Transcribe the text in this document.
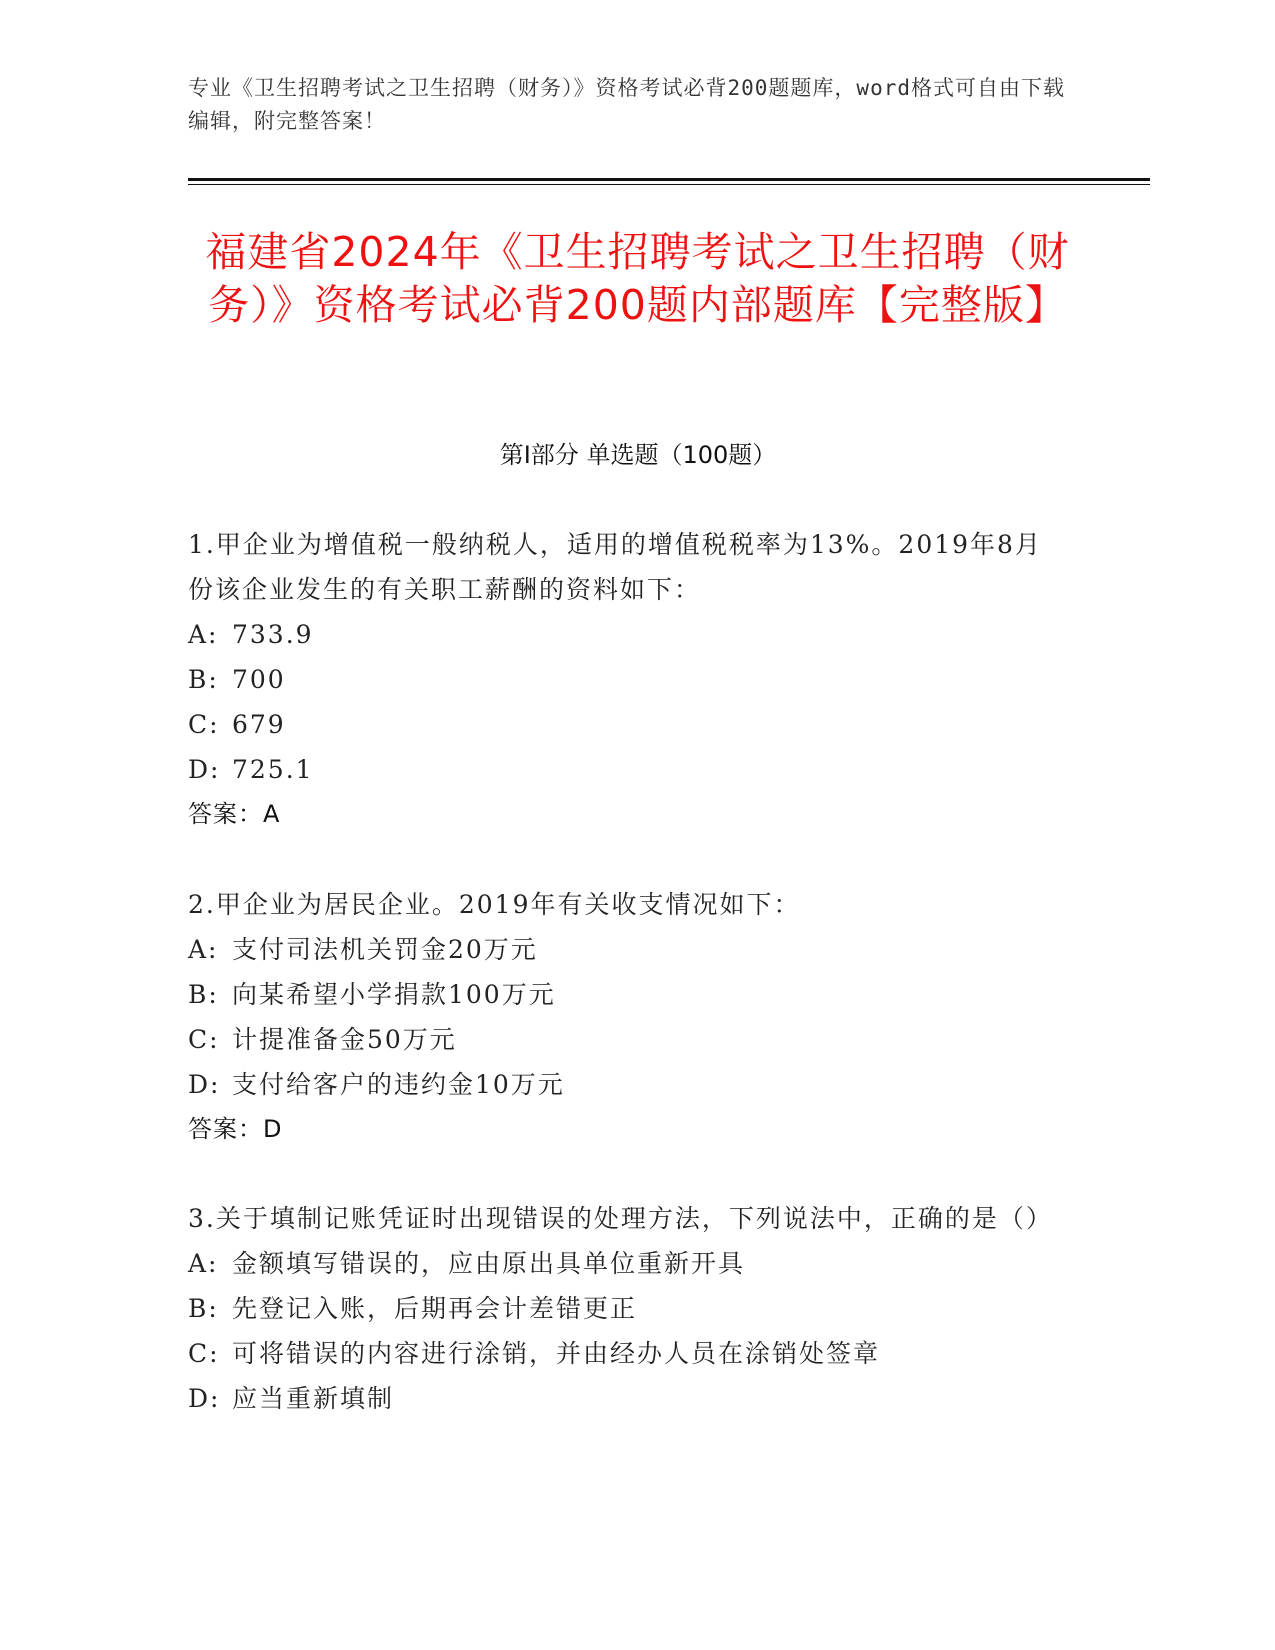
专业《卫生招聘考试之卫生招聘（财务）》资格考试必背200题题库，word格式可自由下载编辑，附完整答案！
福建省2024年《卫生招聘考试之卫生招聘（财务）》资格考试必背200题内部题库【完整版】
第Ⅰ部分 单选题（100题）
1.甲企业为增值税一般纳税人，适用的增值税税率为13%。2019年8月份该企业发生的有关职工薪酬的资料如下：
A: 733.9
B: 700
C: 679
D: 725.1
答案：A
2.甲企业为居民企业。2019年有关收支情况如下：
A: 支付司法机关罚金20万元
B: 向某希望小学捐款100万元
C: 计提准备金50万元
D: 支付给客户的违约金10万元
答案：D
3.关于填制记账凭证时出现错误的处理方法，下列说法中，正确的是（）
A: 金额填写错误的，应由原出具单位重新开具
B: 先登记入账，后期再会计差错更正
C: 可将错误的内容进行涂销，并由经办人员在涂销处签章
D: 应当重新填制
